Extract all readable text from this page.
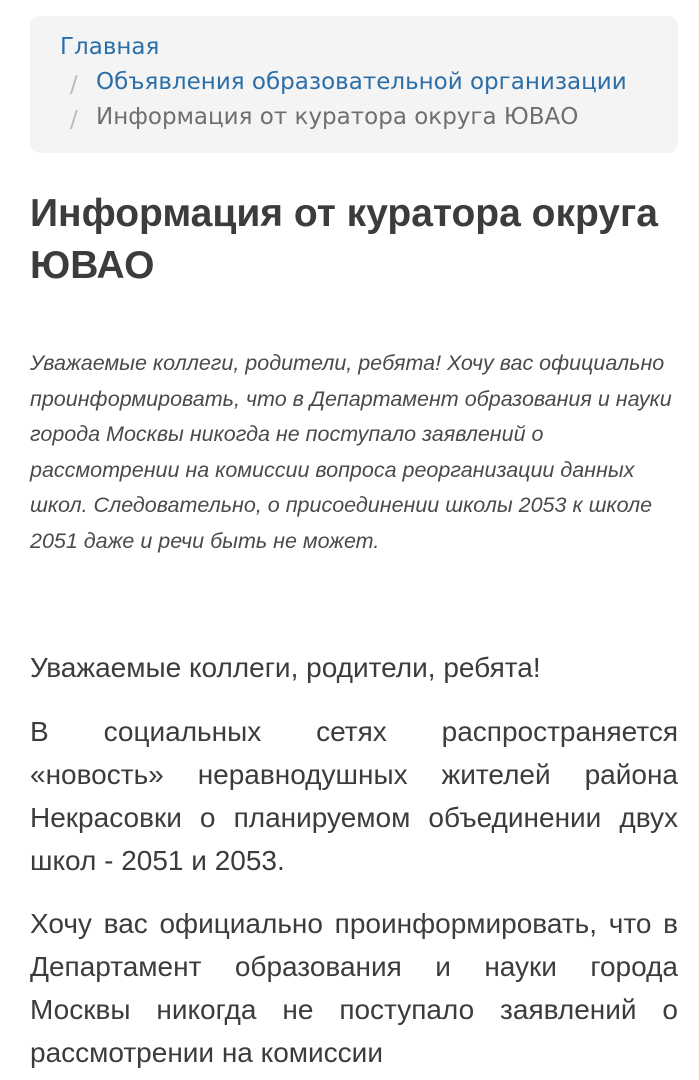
Главная
/ Объявления образовательной организации
/ Информация от куратора округа ЮВАО
Информация от куратора округа ЮВАО

Уважаемые коллеги, родители, ребята! Хочу вас официально проинформировать, что в Департамент образования и науки города Москвы никогда не поступало заявлений о рассмотрении на комиссии вопроса реорганизации данных школ. Следовательно, о присоединении школы 2053 к школе 2051 даже и речи быть не может.

Уважаемые коллеги, родители, ребята!

В социальных сетях распространяется «новость» неравнодушных жителей района Некрасовки о планируемом объединении двух школ - 2051 и 2053.

Хочу вас официально проинформировать, что в Департамент образования и науки города Москвы никогда не поступало заявлений о рассмотрении на комиссии
